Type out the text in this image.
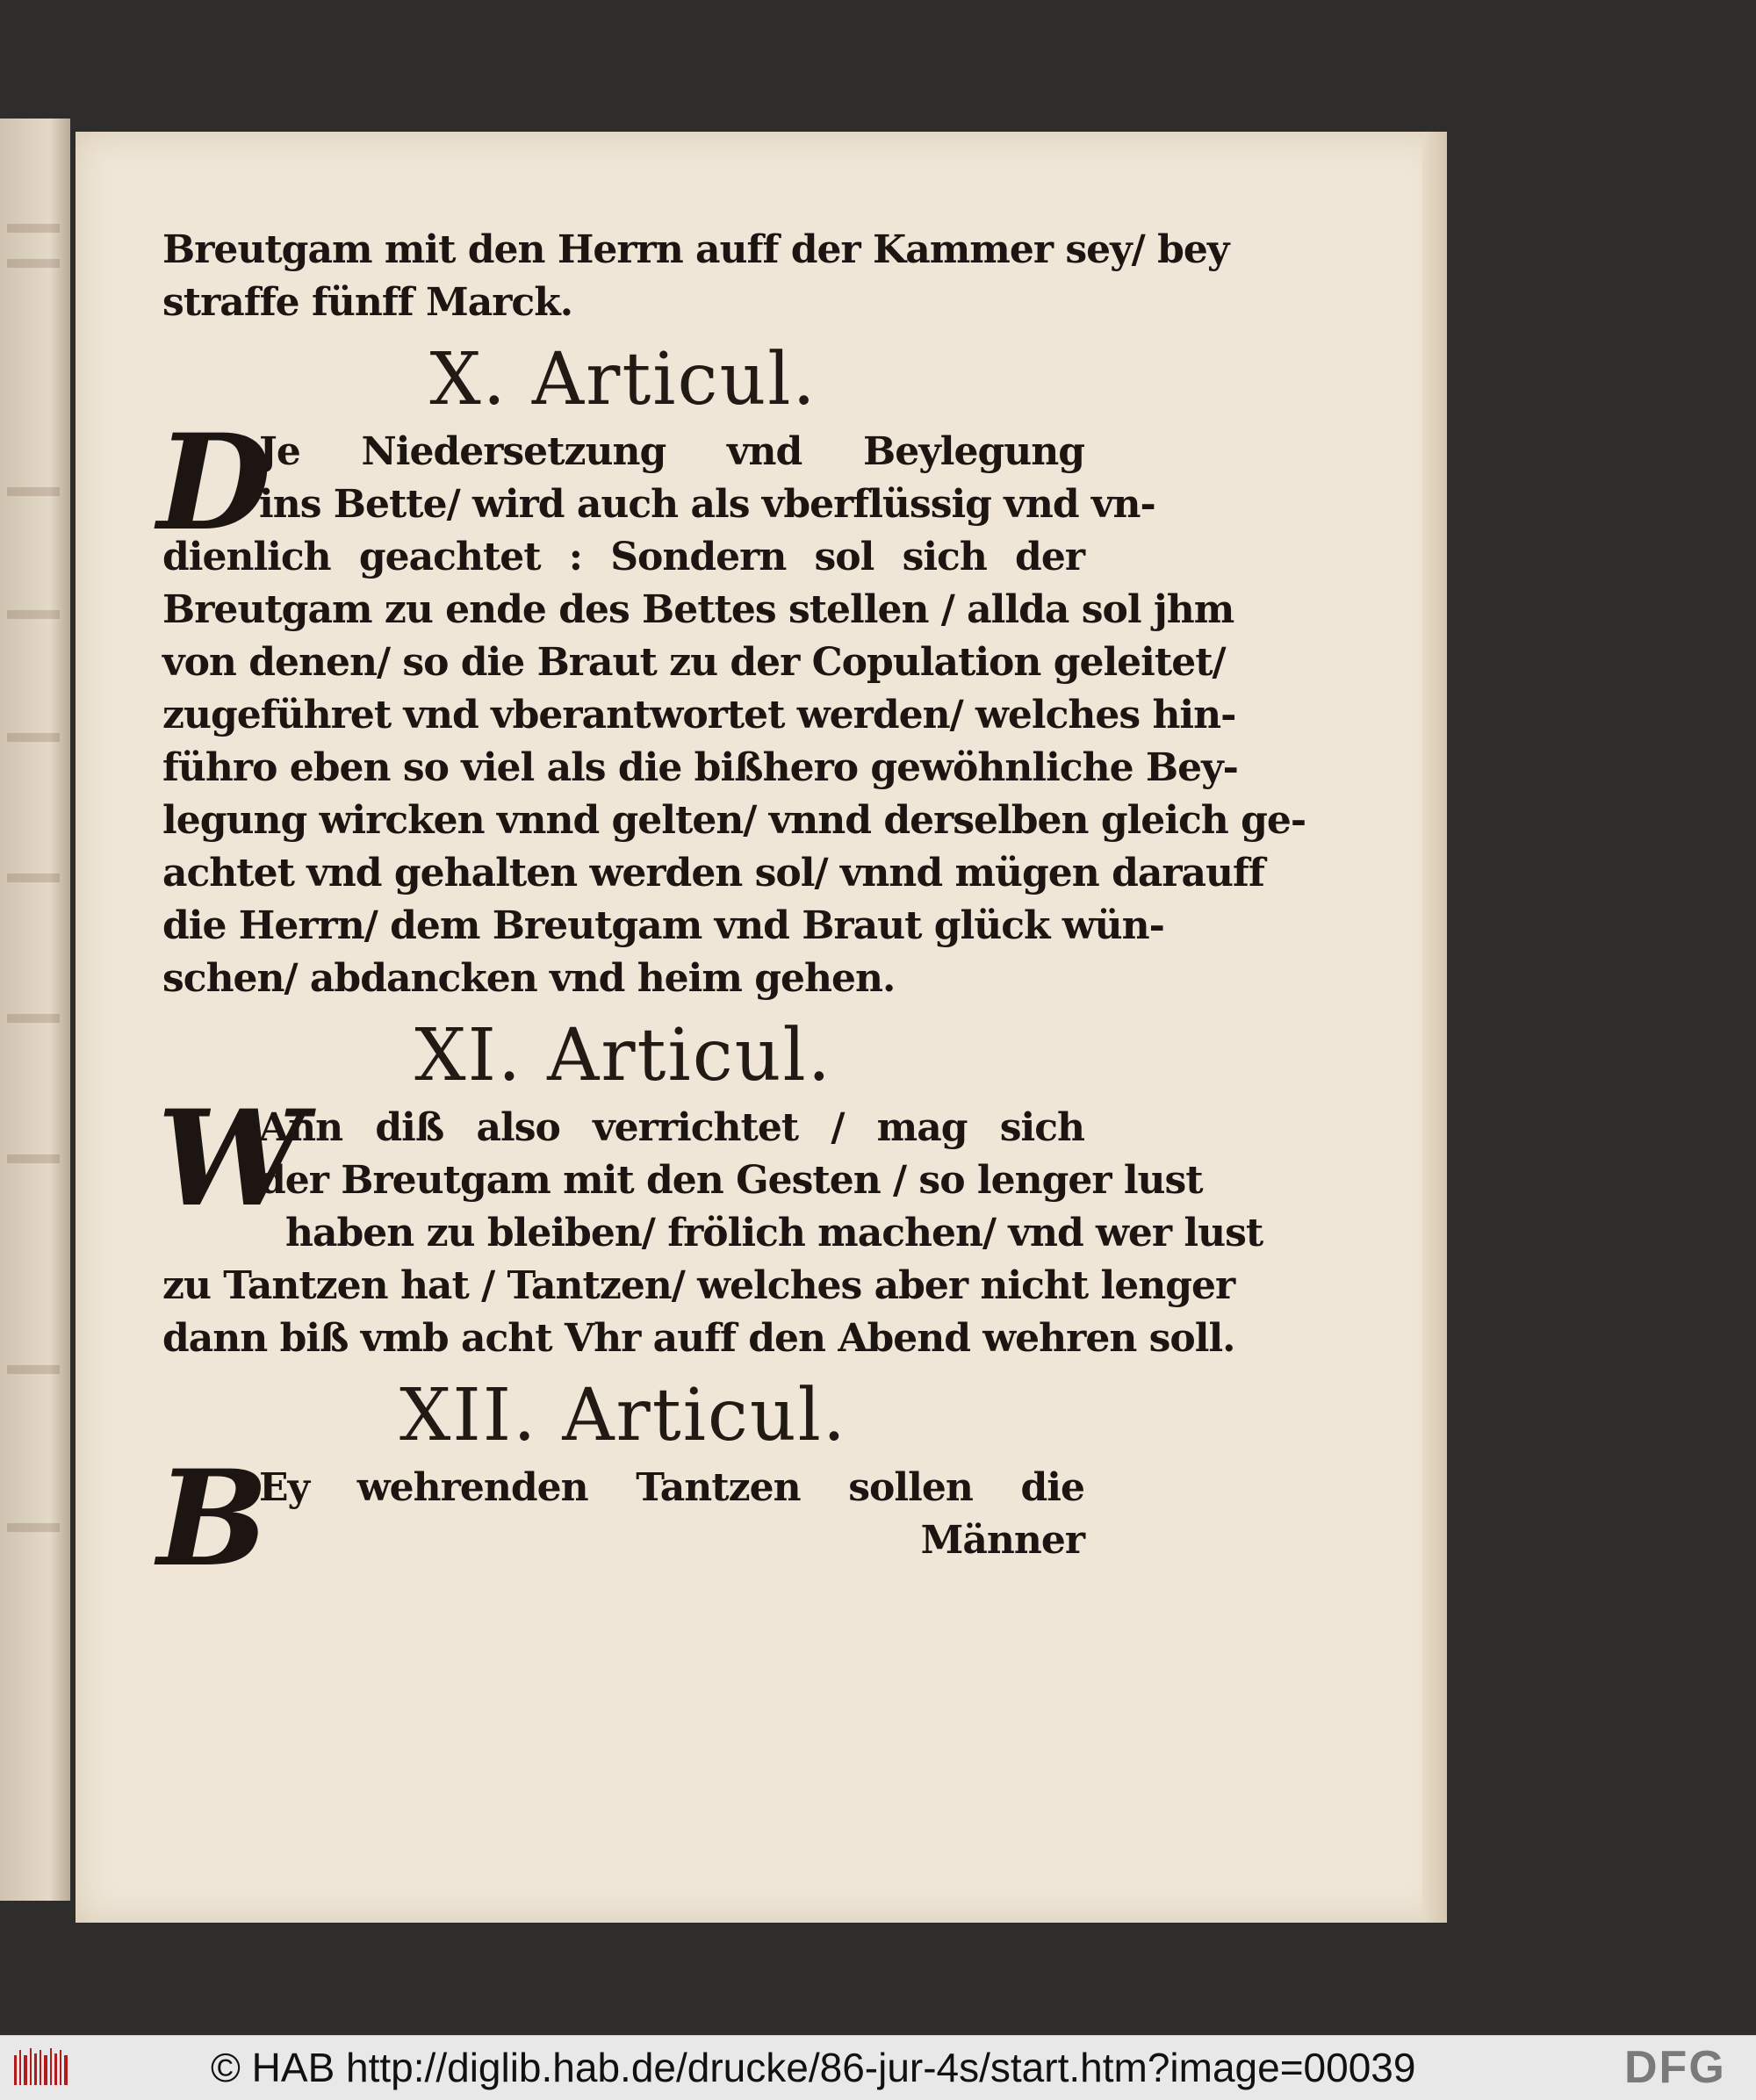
Breutgam mit den Herrn auff der Kammer sey/ bey
straffe fünff Marck.
X. Articul.
D
Je Niedersetzung vnd Beylegung
ins Bette/ wird auch als vberflüssig vnd vn-
dienlich geachtet : Sondern sol sich der
Breutgam zu ende des Bettes stellen / allda sol jhm
von denen/ so die Braut zu der Copulation geleitet/
zugeführet vnd vberantwortet werden/ welches hin-
führo eben so viel als die bißhero gewöhnliche Bey-
legung wircken vnnd gelten/ vnnd derselben gleich ge-
achtet vnd gehalten werden sol/ vnnd mügen darauff
die Herrn/ dem Breutgam vnd Braut glück wün-
schen/ abdancken vnd heim gehen.
XI. Articul.
W
Ann diß also verrichtet / mag sich
der Breutgam mit den Gesten / so lenger lust
haben zu bleiben/ frölich machen/ vnd wer lust
zu Tantzen hat / Tantzen/ welches aber nicht lenger
dann biß vmb acht Vhr auff den Abend wehren soll.
XII. Articul.
B
Ey wehrenden Tantzen sollen die
Männer
© HAB http://diglib.hab.de/drucke/86-jur-4s/start.htm?image=00039	DFG
